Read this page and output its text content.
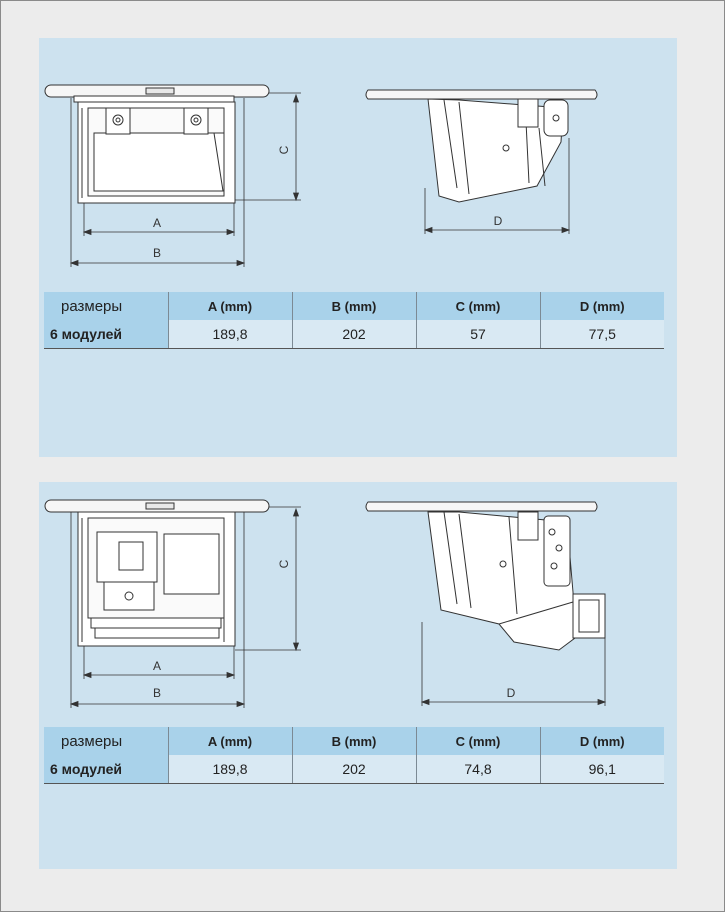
A
B
C
D
размеры	A (mm)	B (mm)	C (mm)	D (mm)
6 модулей	189,8	202	57	77,5
A
B
C
D
размеры	A (mm)	B (mm)	C (mm)	D (mm)
6 модулей	189,8	202	74,8	96,1
